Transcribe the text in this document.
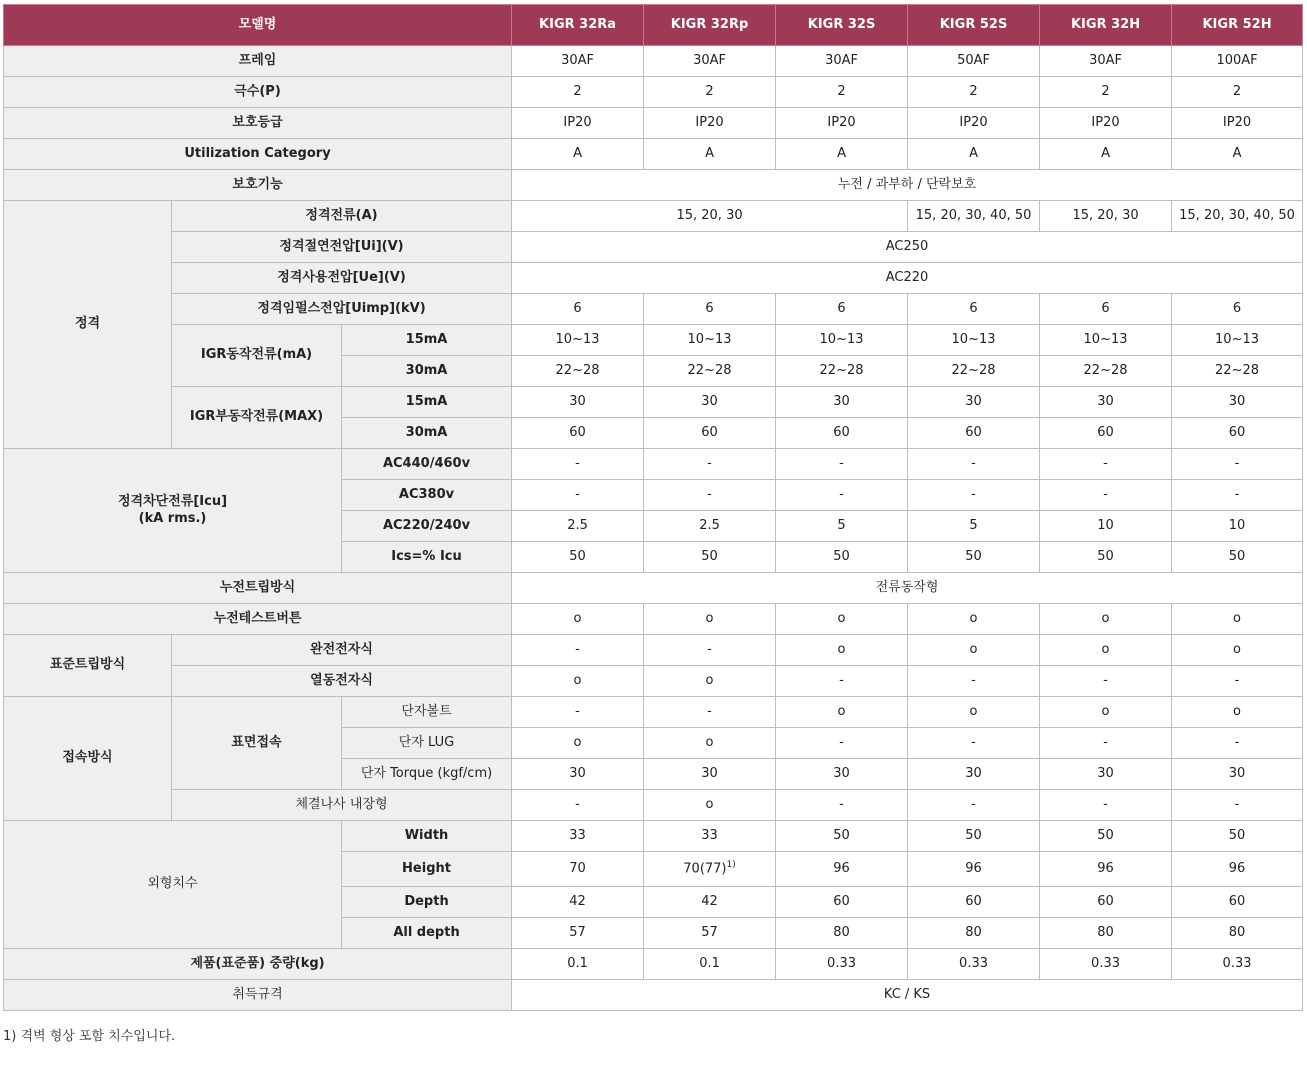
모델명			KIGR 32Ra	KIGR 32Rp	KIGR 32S	KIGR 52S	KIGR 32H	KIGR 52H
프레임			30AF	30AF	30AF	50AF	30AF	100AF
극수(P)			2	2	2	2	2	2
보호등급			IP20	IP20	IP20	IP20	IP20	IP20
Utilization Category			A	A	A	A	A	A
보호기능			누전 / 과부하 / 단락보호					
정격	정격전류(A)		15, 20, 30			15, 20, 30, 40, 50	15, 20, 30	15, 20, 30, 40, 50
	정격절연전압[Ui](V)		AC250					
	정격사용전압[Ue](V)		AC220					
	정격임펄스전압[Uimp](kV)		6	6	6	6	6	6
	IGR동작전류(mA)	15mA	10~13	10~13	10~13	10~13	10~13	10~13
		30mA	22~28	22~28	22~28	22~28	22~28	22~28
	IGR부동작전류(MAX)	15mA	30	30	30	30	30	30
		30mA	60	60	60	60	60	60
정격차단전류[Icu]
(kA rms.)		AC440/460v	-	-	-	-	-	-
		AC380v	-	-	-	-	-	-
		AC220/240v	2.5	2.5	5	5	10	10
		Ics=% Icu	50	50	50	50	50	50
누전트립방식			전류동작형					
누전테스트버튼			o	o	o	o	o	o
표준트립방식	완전전자식		-	-	o	o	o	o
	열동전자식		o	o	-	-	-	-
접속방식	표면접속	단자볼트	-	-	o	o	o	o
		단자 LUG	o	o	-	-	-	-
		단자 Torque (kgf/cm)	30	30	30	30	30	30
	체결나사 내장형		-	o	-	-	-	-
외형치수		Width	33	33	50	50	50	50
		Height	70	$70(77)^{1)}$	96	96	96	96
		Depth	42	42	60	60	60	60
		All depth	57	57	80	80	80	80
제품(표준품) 중량(kg)			0.1	0.1	0.33	0.33	0.33	0.33
취득규격			KC / KS					
1) 격벽 형상 포함 치수입니다.
